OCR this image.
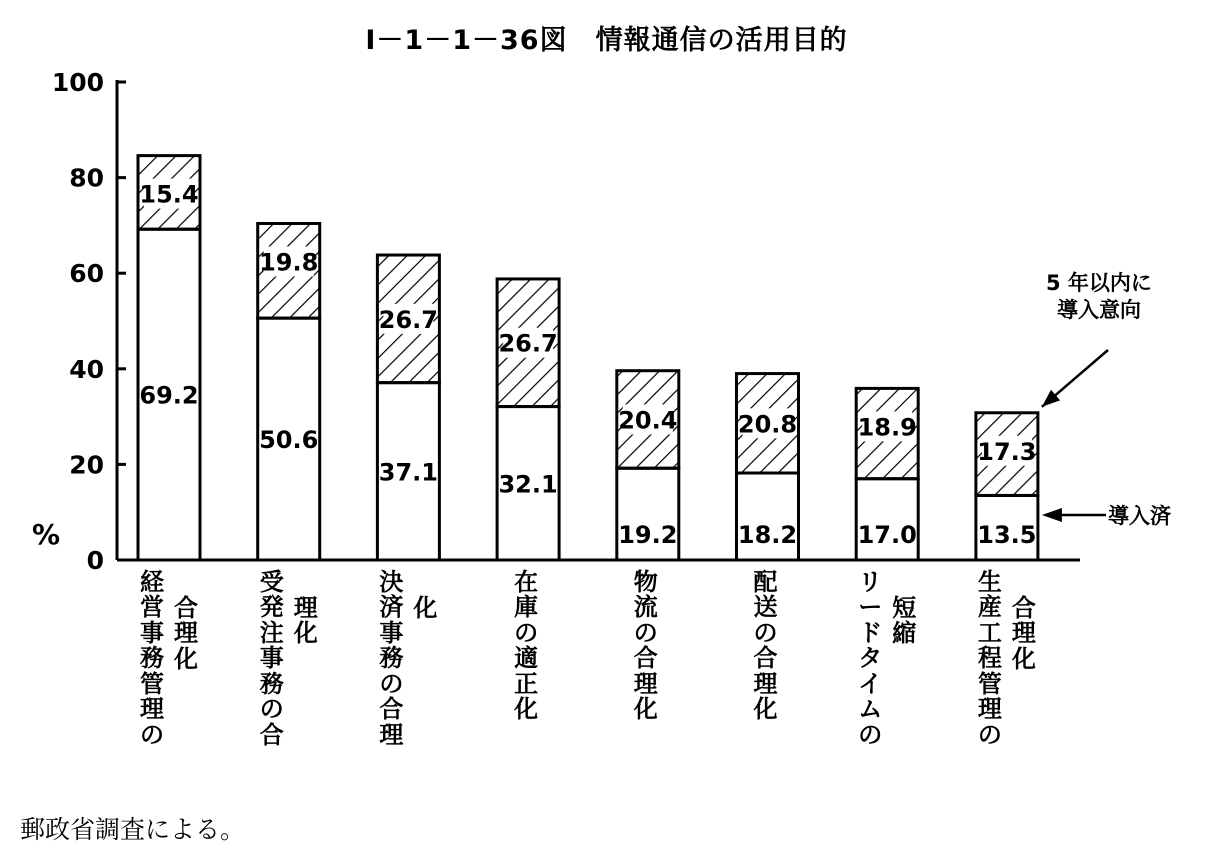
Ⅰ－1－1－36図　情報通信の活用目的
0
20
40
60
80
100
69.2
15.4
50.6
19.8
37.1
26.7
32.1
26.7
19.2
20.4
18.2
20.8
17.0
18.9
13.5
17.3
%
経
営
事
務
管
理
の
合
理
化
受
発
注
事
務
の
合
理
化
決
済
事
務
の
合
理
化
在
庫
の
適
正
化
物
流
の
合
理
化
配
送
の
合
理
化
リ
ー
ド
タ
イ
ム
の
短
縮
生
産
工
程
管
理
の
合
理
化
5 年以内に
導入意向
導入済
郵政省調査による。
